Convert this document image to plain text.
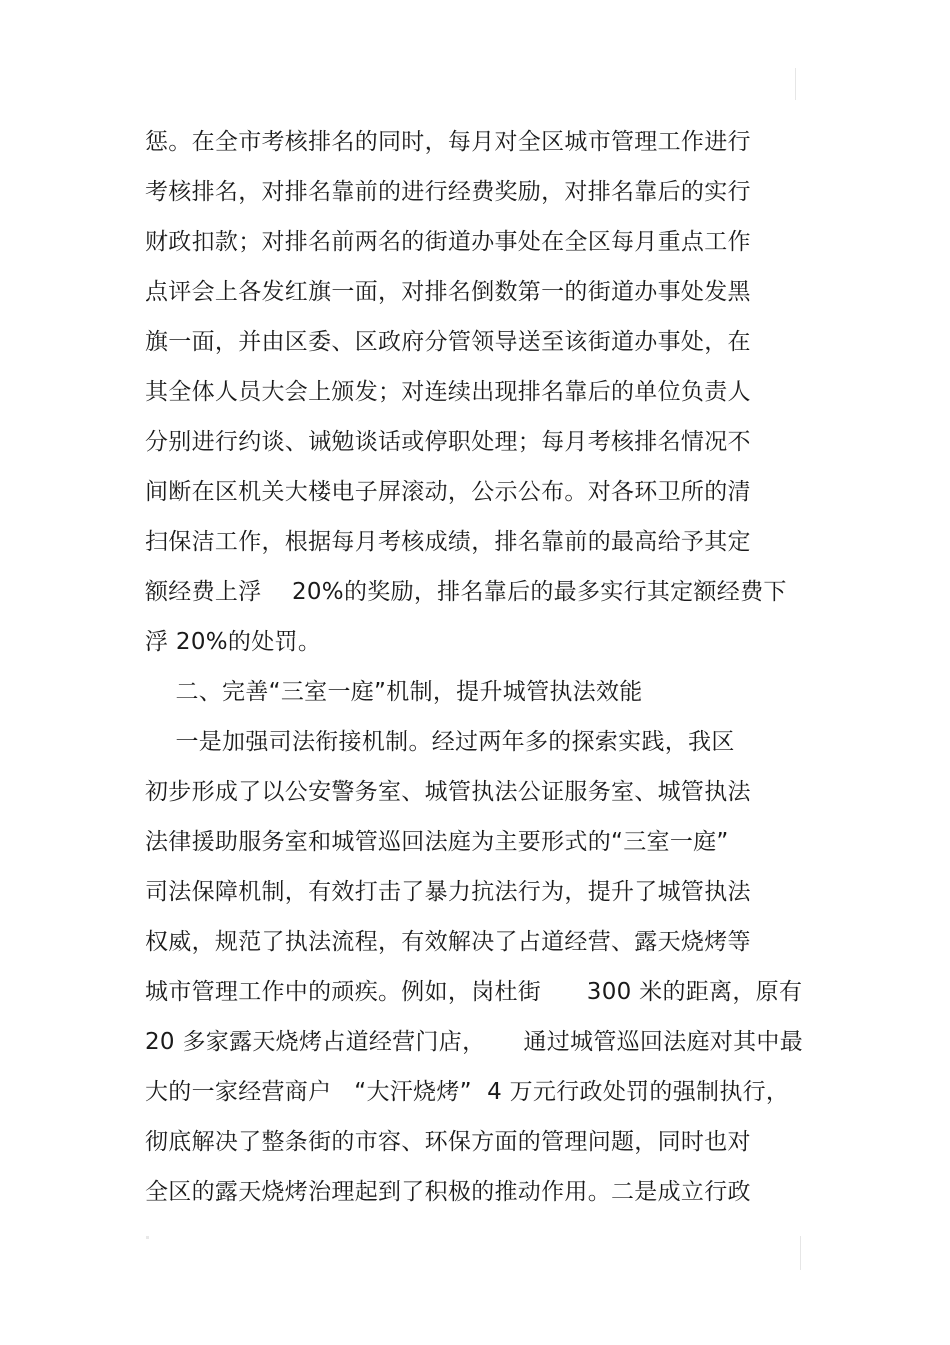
惩。在全市考核排名的同时，每月对全区城市管理工作进行
考核排名，对排名靠前的进行经费奖励，对排名靠后的实行
财政扣款；对排名前两名的街道办事处在全区每月重点工作
点评会上各发红旗一面，对排名倒数第一的街道办事处发黑
旗一面，并由区委、区政府分管领导送至该街道办事处，在
其全体人员大会上颁发；对连续出现排名靠后的单位负责人
分别进行约谈、诫勉谈话或停职处理；每月考核排名情况不
间断在区机关大楼电子屏滚动，公示公布。对各环卫所的清
扫保洁工作，根据每月考核成绩，排名靠前的最高给予其定
额经费上浮    20%的奖励，排名靠后的最多实行其定额经费下
浮 20%的处罚。
二、完善“三室一庭”机制，提升城管执法效能
一是加强司法衔接机制。经过两年多的探索实践，我区
初步形成了以公安警务室、城管执法公证服务室、城管执法
法律援助服务室和城管巡回法庭为主要形式的“三室一庭”
司法保障机制，有效打击了暴力抗法行为，提升了城管执法
权威，规范了执法流程，有效解决了占道经营、露天烧烤等
城市管理工作中的顽疾。例如，岗杜街      300 米的距离，原有
20 多家露天烧烤占道经营门店，     通过城管巡回法庭对其中最
大的一家经营商户   “大汗烧烤”  4 万元行政处罚的强制执行，
彻底解决了整条街的市容、环保方面的管理问题，同时也对
全区的露天烧烤治理起到了积极的推动作用。二是成立行政
